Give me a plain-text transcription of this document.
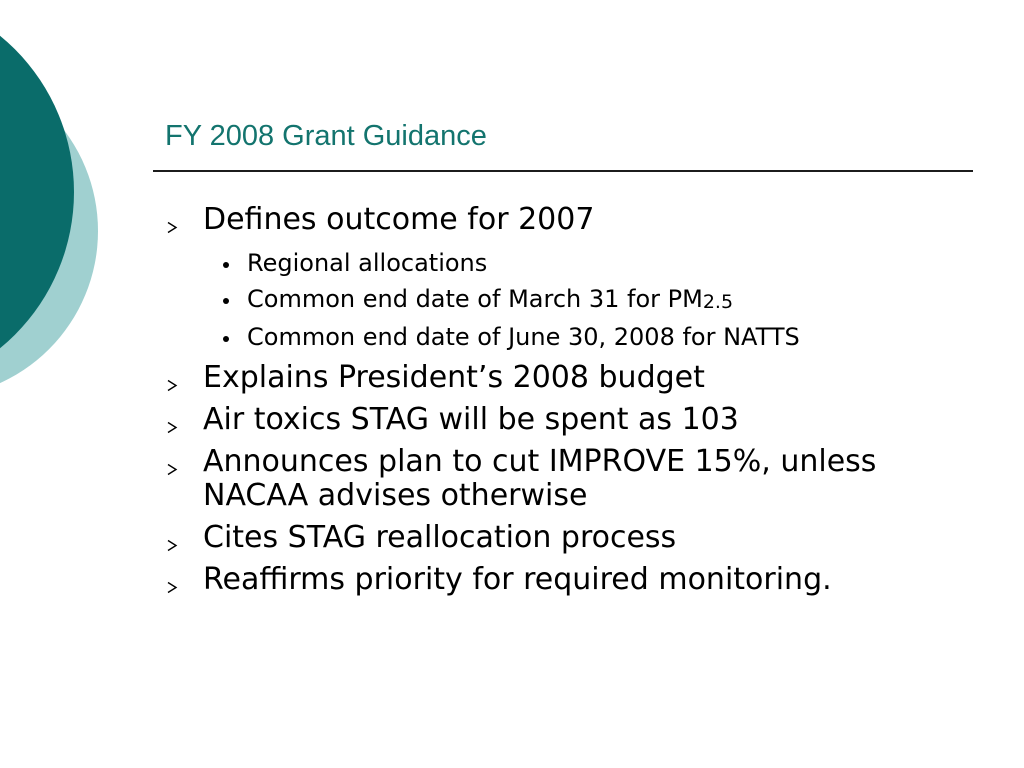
FY 2008 Grant Guidance
Defines outcome for 2007
Regional allocations
Common end date of March 31 for PM2.5
Common end date of June 30, 2008 for NATTS
Explains President’s 2008 budget
Air toxics STAG will be spent as 103
Announces plan to cut IMPROVE 15%, unless NACAA advises otherwise
Cites STAG reallocation process
Reaffirms priority for required monitoring.
